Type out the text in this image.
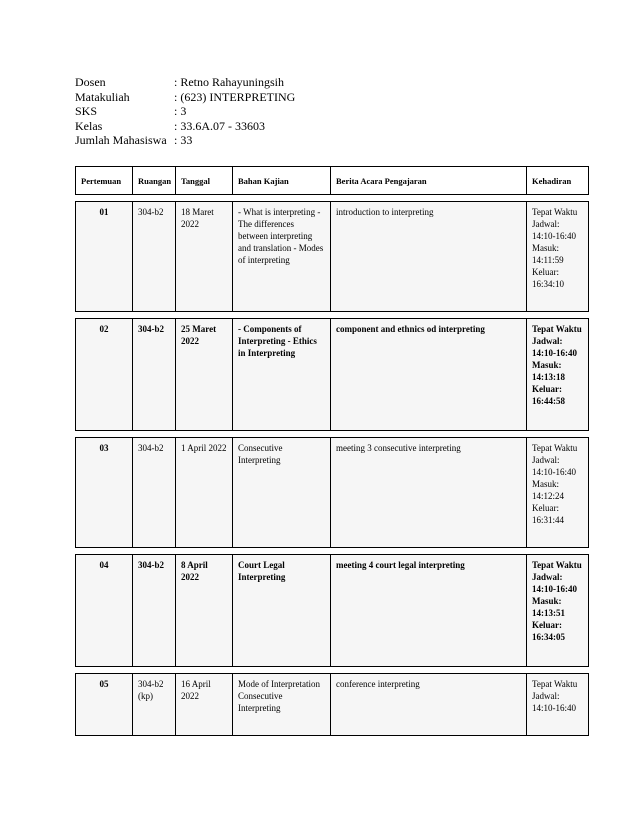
Dosen	: Retno Rahayuningsih
Matakuliah	: (623) INTERPRETING
SKS	: 3
Kelas	: 33.6A.07 - 33603
Jumlah Mahasiswa : 33
Pertemuan	Ruangan	Tanggal	Bahan Kajian	Berita Acara Pengajaran	Kehadiran

01	304-b2	18 Maret 2022	- What is interpreting - The differences between interpreting and translation - Modes of interpreting	introduction to interpreting	Tepat Waktu Jadwal: 14:10-16:40 Masuk: 14:11:59 Keluar: 16:34:10

02	304-b2	25 Maret 2022	- Components of Interpreting - Ethics in Interpreting	component and ethnics od interpreting	Tepat Waktu Jadwal: 14:10-16:40 Masuk: 14:13:18 Keluar: 16:44:58

03	304-b2	1 April 2022	Consecutive Interpreting	meeting 3 consecutive interpreting	Tepat Waktu Jadwal: 14:10-16:40 Masuk: 14:12:24 Keluar: 16:31:44

04	304-b2	8 April 2022	Court Legal Interpreting	meeting 4 court legal interpreting	Tepat Waktu Jadwal: 14:10-16:40 Masuk: 14:13:51 Keluar: 16:34:05

05	304-b2 (kp)	16 April 2022	Mode of Interpretation Consecutive Interpreting	conference interpreting	Tepat Waktu Jadwal: 14:10-16:40
